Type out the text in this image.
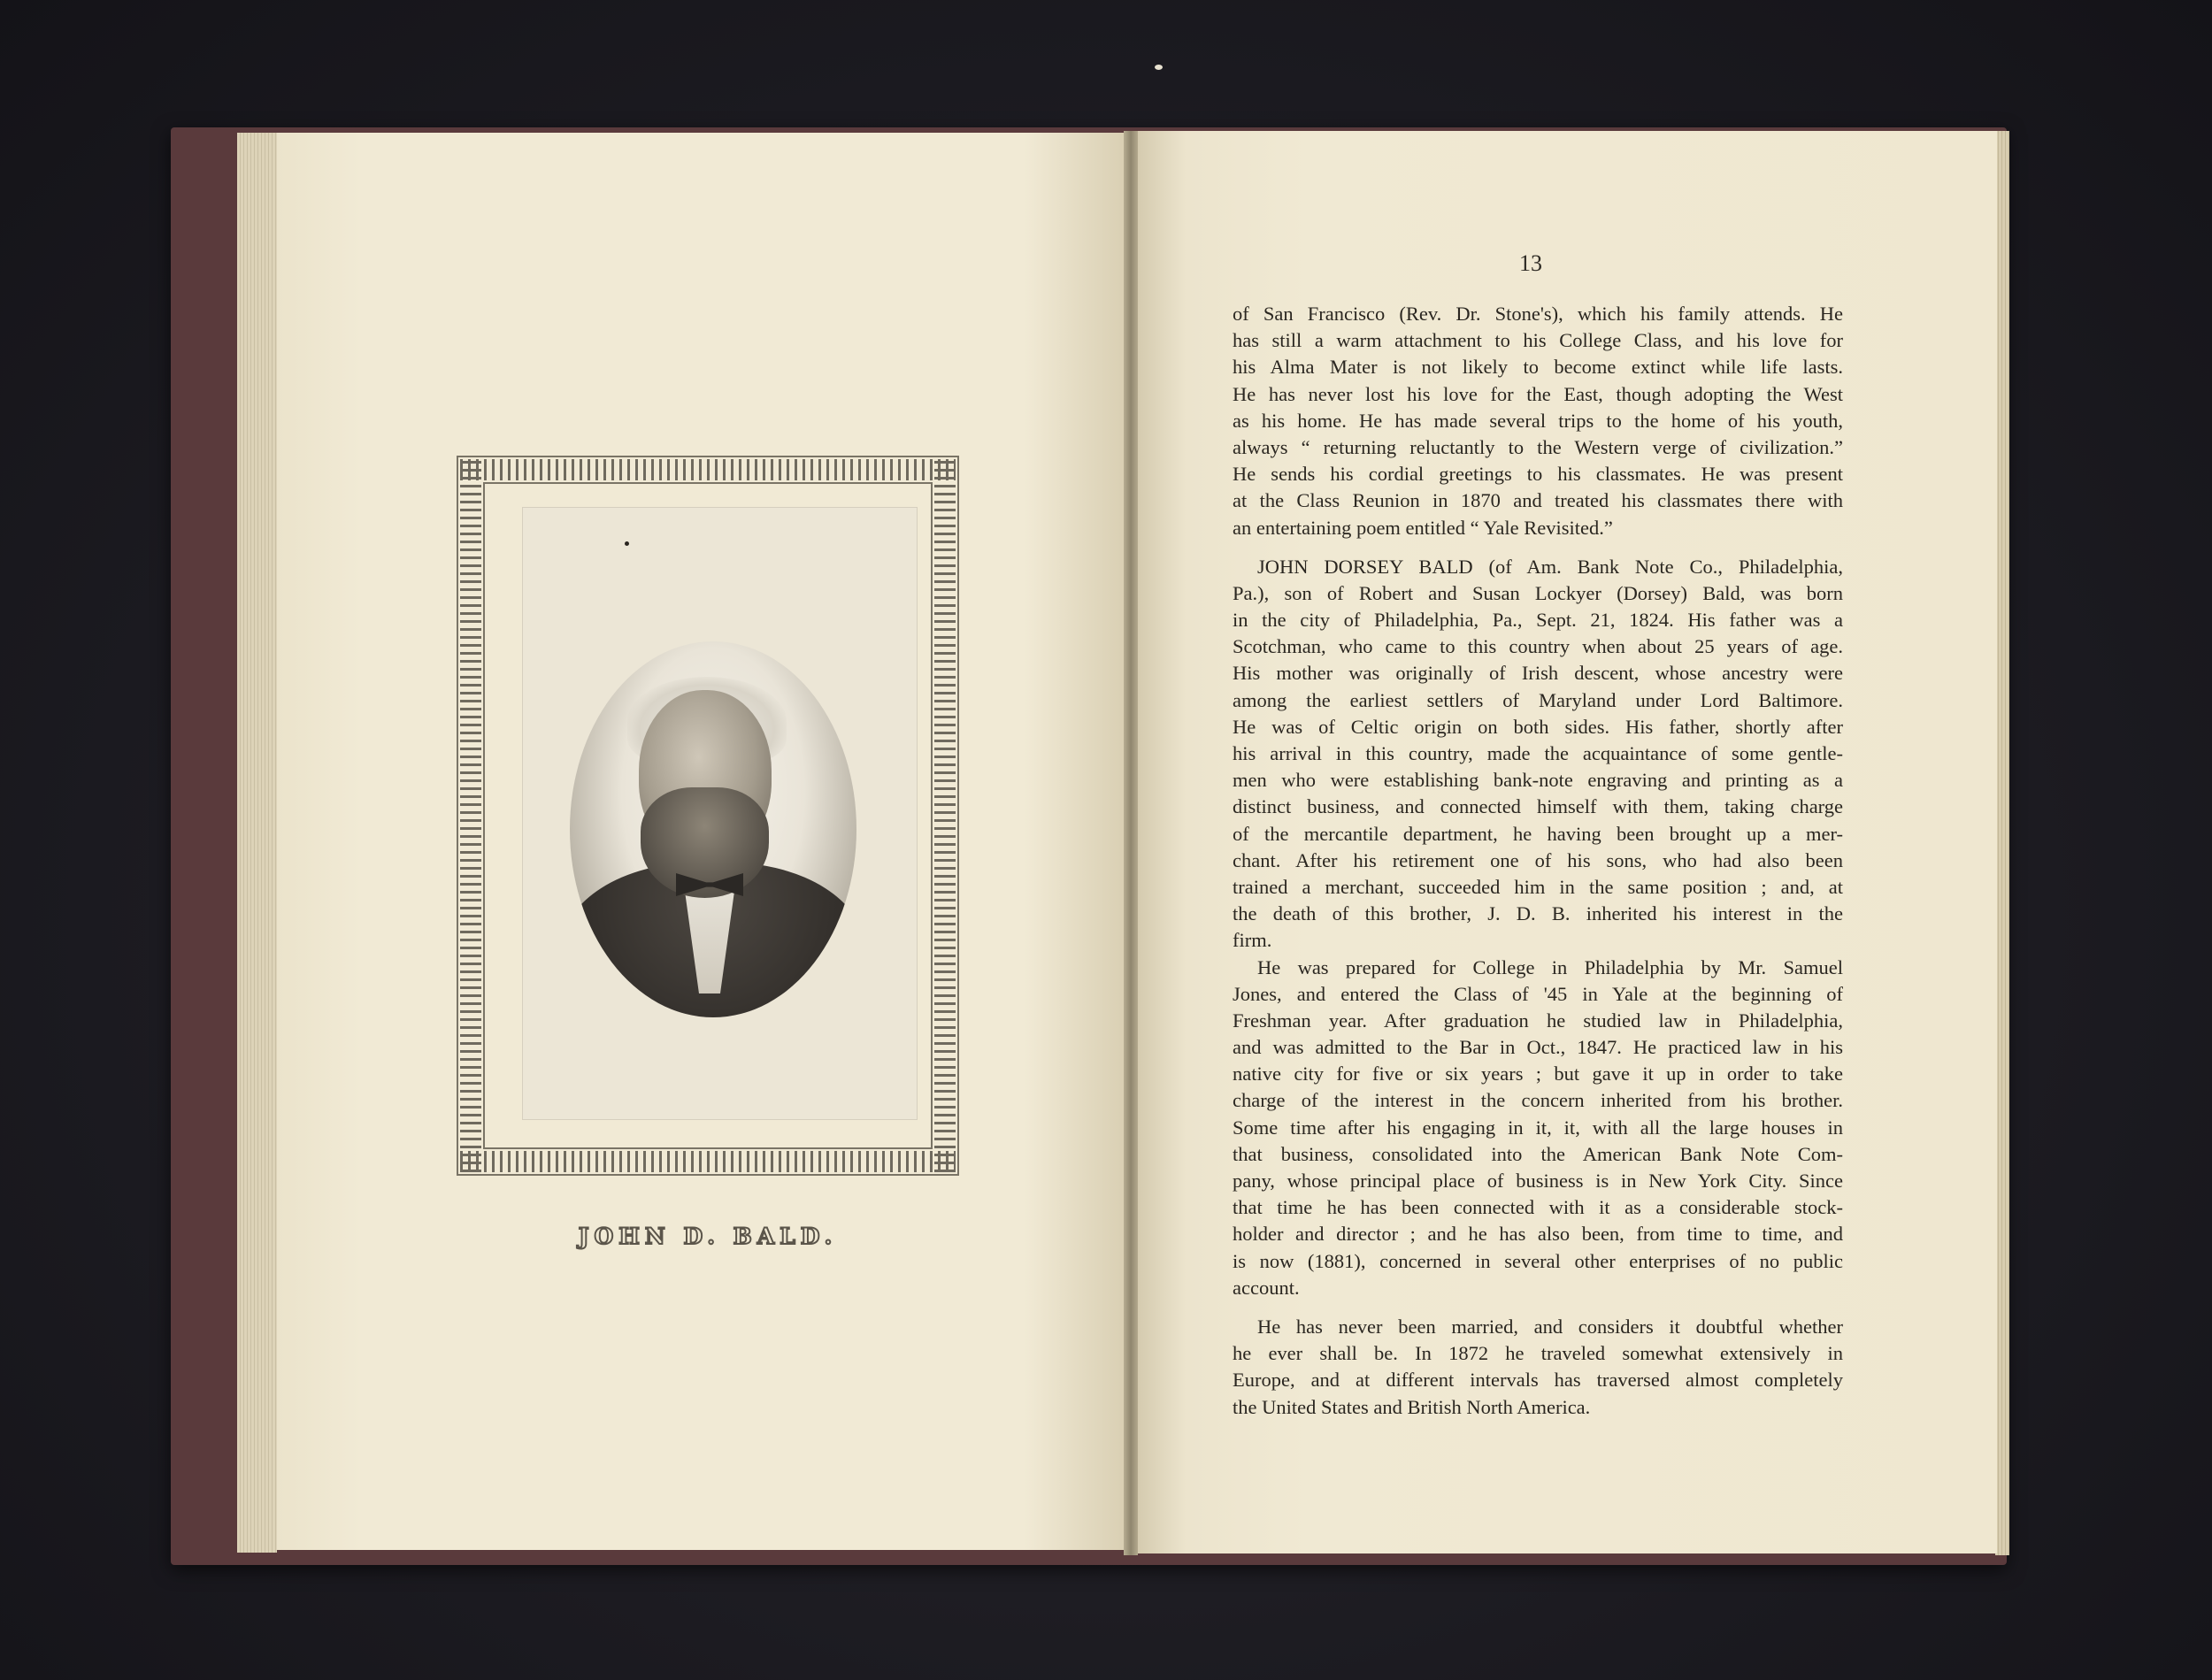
JOHN D. BALD.
13
of San Francisco (Rev. Dr. Stone's), which his family attends. He
has still a warm attachment to his College Class, and his love for
his Alma Mater is not likely to become extinct while life lasts.
He has never lost his love for the East, though adopting the West
as his home. He has made several trips to the home of his youth,
always “ returning reluctantly to the Western verge of civilization.”
He sends his cordial greetings to his classmates. He was present
at the Class Reunion in 1870 and treated his classmates there with
an entertaining poem entitled “ Yale Revisited.”
JOHN DORSEY BALD (of Am. Bank Note Co., Philadelphia,
Pa.), son of Robert and Susan Lockyer (Dorsey) Bald, was born
in the city of Philadelphia, Pa., Sept. 21, 1824. His father was a
Scotchman, who came to this country when about 25 years of age.
His mother was originally of Irish descent, whose ancestry were
among the earliest settlers of Maryland under Lord Baltimore.
He was of Celtic origin on both sides. His father, shortly after
his arrival in this country, made the acquaintance of some gentle-
men who were establishing bank-note engraving and printing as a
distinct business, and connected himself with them, taking charge
of the mercantile department, he having been brought up a mer-
chant. After his retirement one of his sons, who had also been
trained a merchant, succeeded him in the same position ; and, at
the death of this brother, J. D. B. inherited his interest in the
firm.
He was prepared for College in Philadelphia by Mr. Samuel
Jones, and entered the Class of '45 in Yale at the beginning of
Freshman year. After graduation he studied law in Philadelphia,
and was admitted to the Bar in Oct., 1847. He practiced law in his
native city for five or six years ; but gave it up in order to take
charge of the interest in the concern inherited from his brother.
Some time after his engaging in it, it, with all the large houses in
that business, consolidated into the American Bank Note Com-
pany, whose principal place of business is in New York City. Since
that time he has been connected with it as a considerable stock-
holder and director ; and he has also been, from time to time, and
is now (1881), concerned in several other enterprises of no public
account.
He has never been married, and considers it doubtful whether
he ever shall be. In 1872 he traveled somewhat extensively in
Europe, and at different intervals has traversed almost completely
the United States and British North America.
